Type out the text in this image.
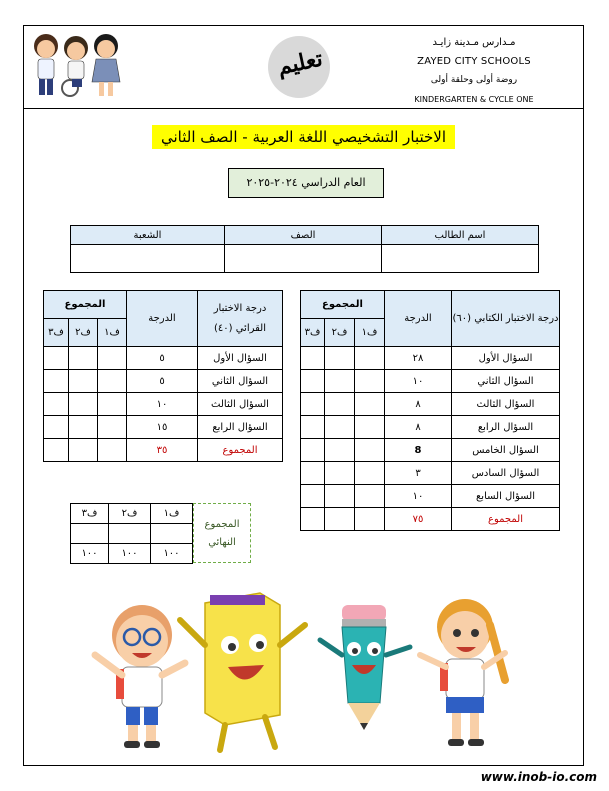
تعليم
مـدارس مـدينة زايـد
ZAYED CITY SCHOOLS
روضة أولى وحلقة أولى
KINDERGARTEN & CYCLE ONE
الاختبار التشخيصي اللغة العربية - الصف الثاني
العام الدراسي ٢٠٢٤-٢٠٢٥
اسم الطالب	الصف	الشعبة

درجة الاختبار الكتابي (٦٠)	الدرجة	المجموع		
		ف١	ف٢	ف٣
السؤال الأول	٢٨			
السؤال الثاني	١٠			
السؤال الثالث	٨			
السؤال الرابع	٨			
السؤال الخامس	8			
السؤال السادس	٣			
السؤال السابع	١٠			
المجموع	٧٥			
درجة الاختبار القرائي (٤٠)	الدرجة	المجموع		
		ف١	ف٢	ف٣
السؤال الأول	٥			
السؤال الثاني	٥			
السؤال الثالث	١٠			
السؤال الرابع	١٥			
المجموع	٣٥			
المجموع
النهائي
ف١	ف٢	ف٣

١٠٠	١٠٠	١٠٠
www.inob-io.com
